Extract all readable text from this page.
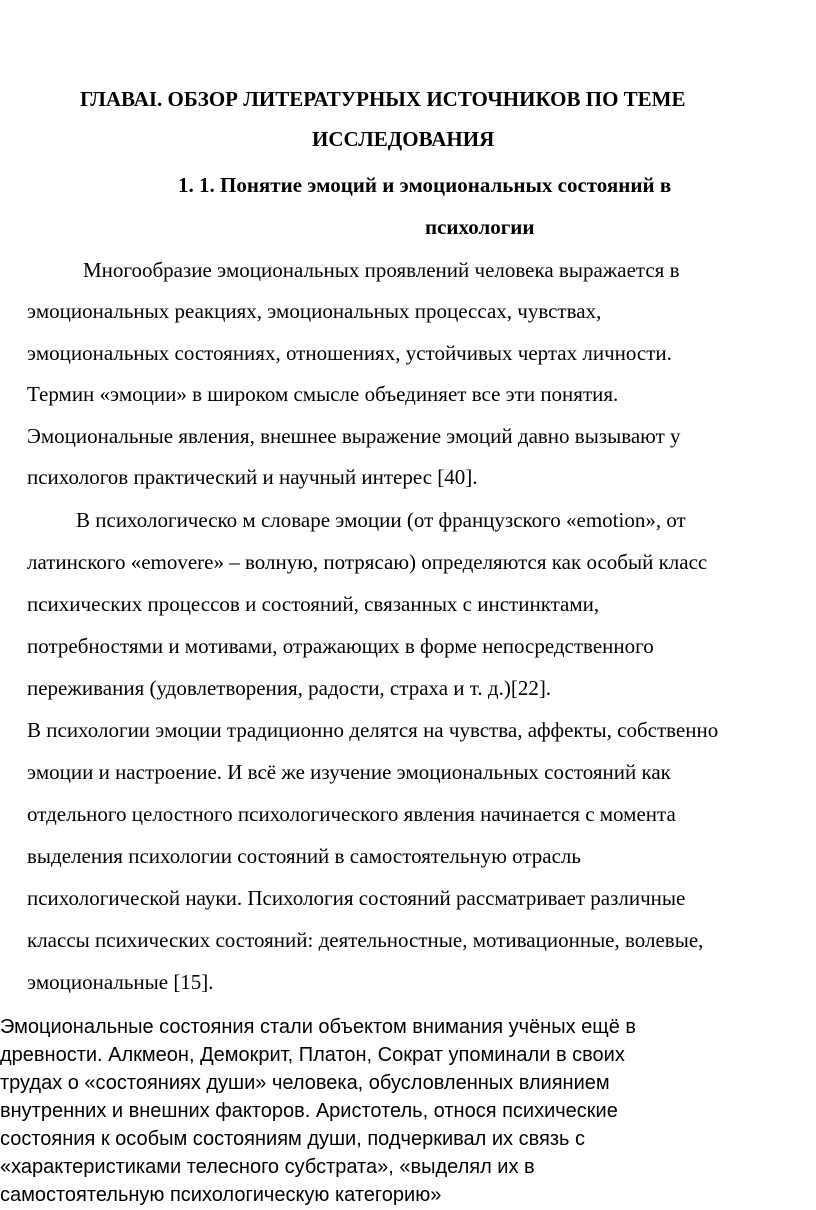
ГЛАВАI. ОБЗОР ЛИТЕРАТУРНЫХ ИСТОЧНИКОВ ПО ТЕМЕ
ИССЛЕДОВАНИЯ
1. 1. Понятие эмоций и эмоциональных состояний в
психологии
Многообразие эмоциональных проявлений человека выражается в
эмоциональных реакциях, эмоциональных процессах, чувствах,
эмоциональных состояниях, отношениях, устойчивых чертах личности.
Термин «эмоции» в широком смысле объединяет все эти понятия.
Эмоциональные явления, внешнее выражение эмоций давно вызывают у
психологов практический и научный интерес [40].
В психологическо м словаре эмоции (от французского «emotion», от
латинского «emovere» – волную, потрясаю) определяются как особый класс
психических процессов и состояний, связанных с инстинктами,
потребностями и мотивами, отражающих в форме непосредственного
переживания (удовлетворения, радости, страха и т. д.)[22].
В психологии эмоции традиционно делятся на чувства, аффекты, собственно
эмоции и настроение. И всё же изучение эмоциональных состояний как
отдельного целостного психологического явления начинается с момента
выделения психологии состояний в самостоятельную отрасль
психологической науки. Психология состояний рассматривает различные
классы психических состояний: деятельностные, мотивационные, волевые,
эмоциональные [15].
Эмоциональные состояния стали объектом внимания учёных ещё в
древности. Алкмеон, Демокрит, Платон, Сократ упоминали в своих
трудах о «состояниях души» человека, обусловленных влиянием
внутренних и внешних факторов. Аристотель, относя психические
состояния к особым состояниям души, подчеркивал их связь с
«характеристиками телесного субстрата», «выделял их в
самостоятельную психологическую категорию»
